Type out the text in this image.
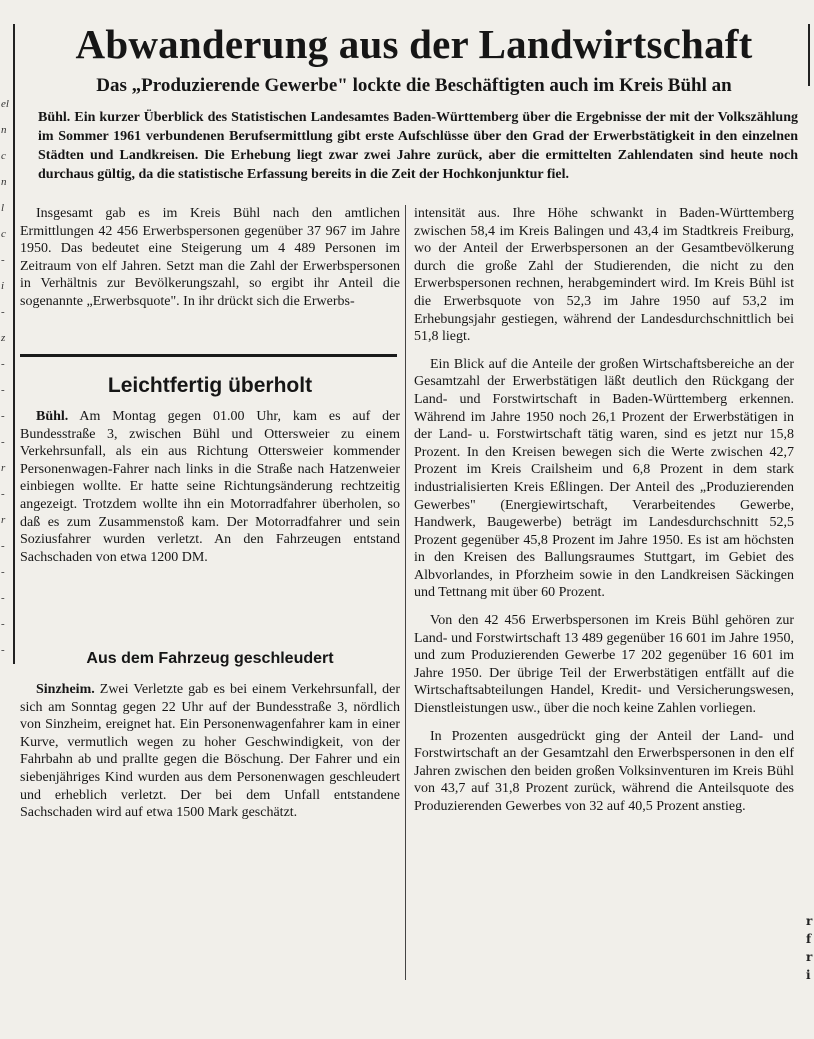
el
n
c
n
l
c
-
i
-
z
-
-
-
-
r
-
r
-
-
-
-
-
Abwanderung aus der Landwirtschaft
Das „Produzierende Gewerbe" lockte die Beschäftigten auch im Kreis Bühl an

Bühl. Ein kurzer Überblick des Statistischen Landesamtes Baden-Württemberg über die Ergebnisse der mit der Volkszählung im Sommer 1961 verbundenen Berufsermittlung gibt erste Aufschlüsse über den Grad der Erwerbstätigkeit in den einzelnen Städten und Landkreisen. Die Erhebung liegt zwar zwei Jahre zurück, aber die ermittelten Zahlendaten sind heute noch durchaus gültig, da die statistische Erfassung bereits in die Zeit der Hochkonjunktur fiel.

Insgesamt gab es im Kreis Bühl nach den amtlichen Ermittlungen 42 456 Erwerbspersonen gegenüber 37 967 im Jahre 1950. Das bedeutet eine Steigerung um 4 489 Personen im Zeitraum von elf Jahren. Setzt man die Zahl der Erwerbspersonen in Verhältnis zur Bevölkerungszahl, so ergibt ihr Anteil die sogenannte „Erwerbsquote". In ihr drückt sich die Erwerbs-

intensität aus. Ihre Höhe schwankt in Baden-Württemberg zwischen 58,4 im Kreis Balingen und 43,4 im Stadtkreis Freiburg, wo der Anteil der Erwerbspersonen an der Gesamtbevölkerung durch die große Zahl der Studierenden, die nicht zu den Erwerbspersonen rechnen, herabgemindert wird. Im Kreis Bühl ist die Erwerbsquote von 52,3 im Jahre 1950 auf 53,2 im Erhebungsjahr gestiegen, während der Landesdurchschnittlich bei 51,8 liegt.

Ein Blick auf die Anteile der großen Wirtschaftsbereiche an der Gesamtzahl der Erwerbstätigen läßt deutlich den Rückgang der Land- und Forstwirtschaft in Baden-Württemberg erkennen. Während im Jahre 1950 noch 26,1 Prozent der Erwerbstätigen in der Land- u. Forstwirtschaft tätig waren, sind es jetzt nur 15,8 Prozent. In den Kreisen bewegen sich die Werte zwischen 42,7 Prozent im Kreis Crailsheim und 6,8 Prozent in dem stark industrialisierten Kreis Eßlingen. Der Anteil des „Produzierenden Gewerbes" (Energiewirtschaft, Verarbeitendes Gewerbe, Handwerk, Baugewerbe) beträgt im Landesdurchschnitt 52,5 Prozent gegenüber 45,8 Prozent im Jahre 1950. Es ist am höchsten in den Kreisen des Ballungsraumes Stuttgart, im Gebiet des Albvorlandes, in Pforzheim sowie in den Landkreisen Säckingen und Tettnang mit über 60 Prozent.

Von den 42 456 Erwerbspersonen im Kreis Bühl gehören zur Land- und Forstwirtschaft 13 489 gegenüber 16 601 im Jahre 1950, und zum Produzierenden Gewerbe 17 202 gegenüber 16 601 im Jahre 1950. Der übrige Teil der Erwerbstätigen entfällt auf die Wirtschaftsabteilungen Handel, Kredit- und Versicherungswesen, Dienstleistungen usw., über die noch keine Zahlen vorliegen.

In Prozenten ausgedrückt ging der Anteil der Land- und Forstwirtschaft an der Gesamtzahl den Erwerbspersonen in den elf Jahren zwischen den beiden großen Volksinventuren im Kreis Bühl von 43,7 auf 31,8 Prozent zurück, während die Anteilsquote des Produzierenden Gewerbes von 32 auf 40,5 Prozent anstieg.

Leichtfertig überholt

Bühl. Am Montag gegen 01.00 Uhr, kam es auf der Bundesstraße 3, zwischen Bühl und Ottersweier zu einem Verkehrsunfall, als ein aus Richtung Ottersweier kommender Personenwagen-Fahrer nach links in die Straße nach Hatzenweier einbiegen wollte. Er hatte seine Richtungsänderung rechtzeitig angezeigt. Trotzdem wollte ihn ein Motorradfahrer überholen, so daß es zum Zusammenstoß kam. Der Motorradfahrer und sein Soziusfahrer wurden verletzt. An den Fahrzeugen entstand Sachschaden von etwa 1200 DM.

Aus dem Fahrzeug geschleudert

Sinzheim. Zwei Verletzte gab es bei einem Verkehrsunfall, der sich am Sonntag gegen 22 Uhr auf der Bundesstraße 3, nördlich von Sinzheim, ereignet hat. Ein Personenwagenfahrer kam in einer Kurve, vermutlich wegen zu hoher Geschwindigkeit, von der Fahrbahn ab und prallte gegen die Böschung. Der Fahrer und ein siebenjähriges Kind wurden aus dem Personenwagen geschleudert und erheblich verletzt. Der bei dem Unfall entstandene Sachschaden wird auf etwa 1500 Mark geschätzt.

r
f
r
i
